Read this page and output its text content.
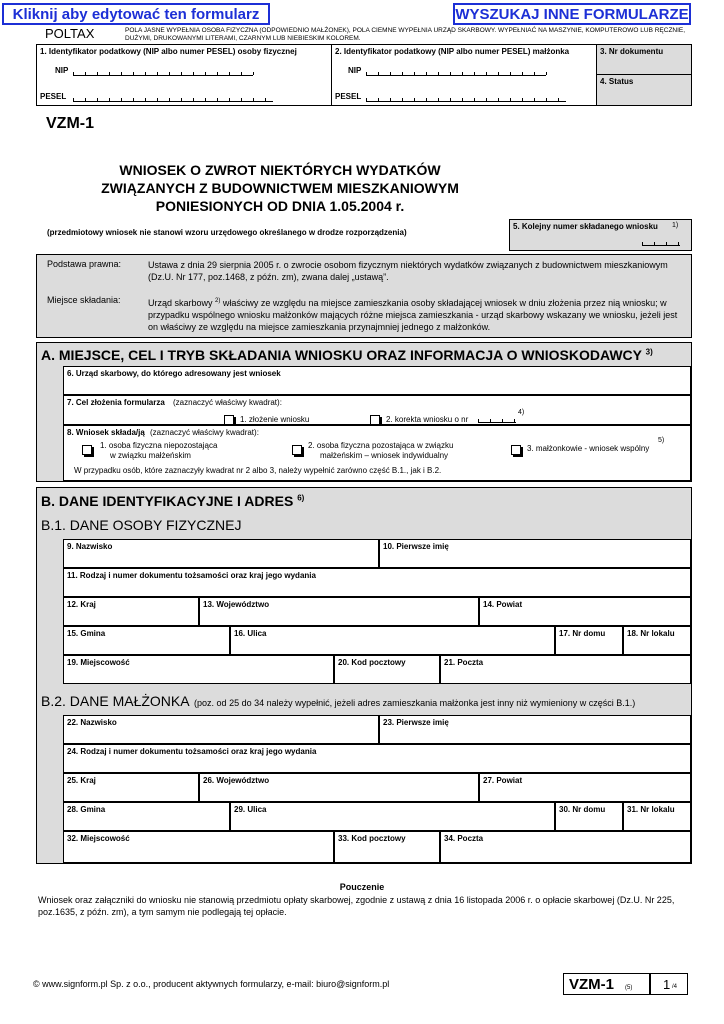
Kliknij aby edytować ten formularz	WYSZUKAJ INNE FORMULARZE
POLTAX	POLA JASNE WYPEŁNIA OSOBA FIZYCZNA (ODPOWIEDNIO MAŁŻONEK), POLA CIEMNE WYPEŁNIA URZĄD SKARBOWY. WYPEŁNIAĆ NA MASZYNIE, KOMPUTEROWO LUB RĘCZNIE, DUŻYMI, DRUKOWANYMI LITERAMI, CZARNYM LUB NIEBIESKIM KOLOREM.
1. Identyfikator podatkowy (NIP albo numer PESEL) osoby fizycznej
NIP
PESEL
2. Identyfikator podatkowy (NIP albo numer PESEL) małżonka
NIP
PESEL
3. Nr dokumentu
4. Status
VZM-1
WNIOSEK O ZWROT NIEKTÓRYCH WYDATKÓW
ZWIĄZANYCH Z BUDOWNICTWEM MIESZKANIOWYM
PONIESIONYCH OD DNIA 1.05.2004 r.
(przedmiotowy wniosek nie stanowi wzoru urzędowego określanego w drodze rozporządzenia)
5. Kolejny numer składanego wniosku 1)
Podstawa prawna:	Ustawa z dnia 29 sierpnia 2005 r. o zwrocie osobom fizycznym niektórych wydatków związanych z budownictwem mieszkaniowym (Dz.U. Nr 177, poz.1468, z późn. zm), zwana dalej „ustawą”.
Miejsce składania:	Urząd skarbowy $^{2)}$ właściwy ze względu na miejsce zamieszkania osoby składającej wniosek w dniu złożenia przez nią wniosku; w przypadku wspólnego wniosku małżonków mających różne miejsca zamieszkania - urząd skarbowy wskazany we wniosku, jeżeli jest on właściwy ze względu na miejsce zamieszkania przynajmniej jednego z małżonków.
A. MIEJSCE, CEL I TRYB SKŁADANIA WNIOSKU ORAZ INFORMACJA O WNIOSKODAWCY $^{3)}$
6. Urząd skarbowy, do którego adresowany jest wniosek
7. Cel złożenia formularza (zaznaczyć właściwy kwadrat):
1. złożenie wniosku	2. korekta wniosku o nr
4)
8. Wniosek składa/ją (zaznaczyć właściwy kwadrat):
1. osoba fizyczna niepozostająca
w związku małżeńskim
2. osoba fizyczna pozostająca w związku
małżeńskim – wniosek indywidualny
3. małżonkowie - wniosek wspólny
5)
W przypadku osób, które zaznaczyły kwadrat nr 2 albo 3, należy wypełnić zarówno część B.1., jak i B.2.
B. DANE IDENTYFIKACYJNE I ADRES $^{6)}$
B.1. DANE OSOBY FIZYCZNEJ
9. Nazwisko	10. Pierwsze imię
11. Rodzaj i numer dokumentu tożsamości oraz kraj jego wydania
12. Kraj	13. Województwo	14. Powiat
15. Gmina	16. Ulica	17. Nr domu	18. Nr lokalu
19. Miejscowość	20. Kod pocztowy	21. Poczta
B.2. DANE MAŁŻONKA (poz. od 25 do 34 należy wypełnić, jeżeli adres zamieszkania małżonka jest inny niż wymieniony w części B.1.)
22. Nazwisko	23. Pierwsze imię
24. Rodzaj i numer dokumentu tożsamości oraz kraj jego wydania
25. Kraj	26. Województwo	27. Powiat
28. Gmina	29. Ulica	30. Nr domu	31. Nr lokalu
32. Miejscowość	33. Kod pocztowy	34. Poczta
Pouczenie
Wniosek oraz załączniki do wniosku nie stanowią przedmiotu opłaty skarbowej, zgodnie z ustawą z dnia 16 listopada 2006 r. o opłacie skarbowej (Dz.U. Nr 225, poz.1635, z późn. zm), a tym samym nie podlegają tej opłacie.
© www.signform.pl Sp. z o.o., producent aktywnych formularzy, e-mail: biuro@signform.pl	VZM-1 (5) 1 /4
